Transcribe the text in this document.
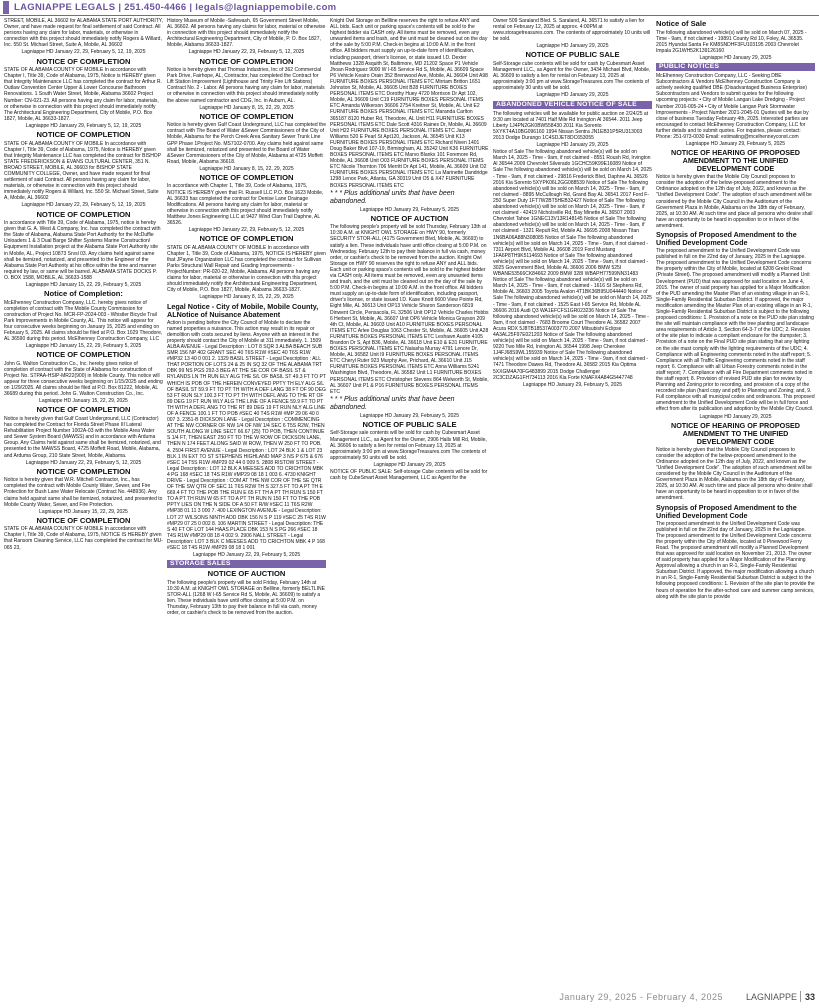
LAGNIAPPE LEGALS | 251.450-4466 | legals@lagniappemobile.com

STREET, MOBILE, AL 36602 for ALABAMA STATE PORT AUTHORITY, Owner, and have made request for final settlement of said Contract. All persons having any claim for labor, materials, or otherwise in connection with this project should immediately notify Rogers & Willard, Inc. 550 St. Michael Street, Suite A, Mobile, AL 36602

Lagniappe HD January 22, 29, February 5, 12, 19, 2025

NOTICE OF COMPLETION

STATE OF ALABAMA COUNTY OF MOBILE In accordance with Chapter I, Title 39, Code of Alabama, 1975, Notice is HEREBY given that Integrity Maintenance LLC has completed the contract for Arthur R. Outlaw Convention Center Upper & Lower Concourse Bathroom Renovations. 1 South Water Street, Mobile, Alabama 36602 Project Number: CN-021-23. All persons having any claim for labor, materials, or otherwise in connection with this project should immediately notify The Architectural Engineering Department, City of Mobile, P.O. Box 1827, Mobile, AL 36633-1827.

Lagniappe HD January 29, February 5, 12, 19, 2025

NOTICE OF COMPLETION

STATE OF ALABAMA COUNTY OF MOBILE In accordance with Chapter I, Title 39, Code of Alabama, 1975, Notice is HEREBY given that Integrity Maintenance LLC has completed the contract for BISHOP STATE FREDERICKSON & EVANS CULTURAL CENTER, 351 N. BROAD STREET, MOBILE, AL 36603 for BISHOP STATE COMMUNITY COLLEGE, Owner, and have made request for final settlement of said Contract. All persons having any claim for labor, materials, or otherwise in connection with this project should immediately notify Rogers & Willard, Inc. 550 St. Michael Street, Suite A, Mobile, AL 36602

Lagniappe HD January 22, 29, February 5, 12, 19, 2025

NOTICE OF COMPLETION

In accordance with Title 39, Code of Alabama, 1975, notice is hereby given that G. A. West & Company, Inc. has completed the contract with the State of Alabama, Alabama State Port Authority for the McDuffie Unloaders 1 & 3 Dual Barge Shifter Systems Marine Construction/ Equipment Installation project at the Alabama State Port Authority site in Mobile, AL, Project 10873 Srvsl 03. Any claims held against same shall be itemized, notarized, and presented to the Engineer of the Alabama State Port Authority at his office within the time and manner required by law, or same will be barred. ALABAMA STATE DOCKS P. O. BOX 1588, MOBILE, AL 36633-1588

Lagniappe HD January 15, 22, 29, February 5, 2025

Notice of Completion:

McElhenney Construction Company, LLC. hereby gives notice of completion of contract with The Mobile County Commission for construction of Project No. MCR-FP-2024-003 - Whistler Bicycle Trail Park Improvements in Mobile County, AL. This notice will appear for four consecutive weeks beginning on January 15, 2025 and ending on February 5, 2025. All claims should be filed at P.O. Box 1029 Theodore, AL 36590 during this period. McElhenney Construction Company, LLC

Lagniappe HD January 15, 22, 29, February 5, 2025

NOTICE OF COMPLETION

John G. Walton Construction Co., Inc. hereby gives notice of completion of contract with the State of Alabama for construction of Project No. STPAA-HSIP-MR22(900) in Mobile County. This notice will appear for three consecutive weeks beginning on 1/15/2025 and ending on 1/29/2025. All claims should be filed at P.O. Box 81222, Mobile, AL 36689 during this period. John G. Walton Construction Co., Inc.

Lagniappe HD January 15, 22, 29, 2025

NOTICE OF COMPLETION

Notice is hereby given that Gulf Coast Underground, LLC (Contractor) has completed the Contract for Florida Street Phase III Lateral Rehabilitation Project Number 1002A-03 with the Mobile Area Water and Sewer System Board (MAWSS) and in accordance with Arduma Group. Any Claims held against same shall be itemized, notarized, and presented to the MAWSS Board, 4725 Moffett Road, Mobile, Alabama, and Arduma Group, 210 State Street, Mobile, Alabama.

Lagniappe HD January 22, 29, February 5, 12, 2025

NOTICE OF COMPLETION

Notice is hereby given that W.R. Mitchell Contractor, Inc., has completed the contract with Mobile County Water, Sewer, and Fire Protection for Bush Lane Water Relocate (Contract No. 448936). Any claims held against same shall be itemized, notarized, and presented to Mobile County Water, Sewer, and Fire Protection.

Lagniappe HD January 15, 22, 29, 2025

NOTICE OF COMPLETION

STATE OF ALABAMA COUNTY OF MOBILE In accordance with Chapter I, Title 39, Code of Alabama, 1975, NOTICE IS HEREBY given that Ransom Cleaning Service, LLC has completed the contract for MU-065 23,

History Museum of Mobile -Safewash, 65 Government Street Mobile, AL 36602. All persons having any claims for labor, material or otherwise in connection with this project should immediately notify the Architectural Engineering Department, City of Mobile, P. O. Box 1827, Mobile, Alabama 36633-1827.

Lagniappe HD January 22, 29, February 5, 12, 2025

NOTICE OF COMPLETION

Notice is hereby given that Thomas Industries, Inc of 362 Commercial Park Drive, Fairhope, AL, Contractor, has completed the Contract for Lift Station Improvement (Lighthouse and Trinity Fire Lift Stations) Contract No. 2 - Labor. All persons having any claim for labor, materials or otherwise in connection with this project should immediately notify the above named contractor and CDG, Inc. in Auburn, AL.

Lagniappe HD January 8, 15, 22, 29, 2025

NOTICE OF COMPLETION

Notice is hereby given Gulf Coast Underground, LLC has completed the contract with The Board of Water &Sewer Commissioners of the City of Mobile, Alabama for the Perch Creek Area Sanitary Sewer Trunk Line GPP Phase 1Project No. MS7102-0700. Any claims held against same shall be itemized, notarized and presented to the Board of Water &Sewer Commissioners of the City of Mobile, Alabama at 4725 Moffett Road, Mobile, Alabama 36618.

Lagniappe HD January 8, 15, 22, 29, 2025

NOTICE OF COMPLETION

In accordance with Chapter 1, Title 39, Code of Alabama, 1975, NOTICE IS HEREBY given that Ft. Russell LLC P.O. Box 1623 Mobile, AL 36633 has completed the contract for Denise Lane Drainage Modifications. All persons having any claim for labor, material or otherwise in connection with this project should immediately notify Matthew Jones Engineering LLC at 9427 Wind Clan Trail Daphne, AL 36526.

Lagniappe HD January 22, 29, February 5, 12, 2025

NOTICE OF COMPLETION

STATE OF ALABAMA COUNTY OF MOBILE In accordance with Chapter 1, Title 39, Code of Alabama, 1975, NOTICE IS HEREBY given that JPayne Organization LLC has completed the contract for Sullivan Parks Structural Wall Repair and Grading Improvements -ProjectNumber: PR-020-22, Mobile, Alabama. All persons having any claims for labor, material or otherwise in connection with this project should immediately notify the Architectural Engineering Department, City of Mobile, P.O. Box 1827, Mobile, Alabama 36633-1827.

Lagniappe HD January 8, 15, 22, 29, 2025

Legal Notice - City of Mobile, Mobile County, ALNotice of Nuisance Abatement

Action is pending before the City Council of Mobile to declare the named properties a nuisance. This action may result in its repair or demolition with costs secured by liens. Anyone with an interest in the property should contact the City of Mobile at 311 immediately. 1. 1509 ALBA AVENUE - Legal Description : LOT 8 SQR 3 ALBA BEACH SUB SMR 156 NP 402 GRANT SEC 40 T6S R1W #SEC 40 T6S R1W #MP32 13 40 0 001 2. 1329 BASIL STREET - Legal Description : ALL THAT PORTION OF LOTS 24 & 25 IN SQ 32 OF THE ALABAMA TRT DBK 99 NS PGS 292-3 BEG AT THE SE COR OF BASIL ST & RYLANDS LN TH RUN ELY ALG THE S/L OF BASIL ST 49.3 FT TO PT WHICH IS POB OF THE HEREIN CONVEYED PPTY TH ELY ALG S/L OF BASIL ST 59.9 FT TO PT TH WITH A DEF LANG 38 FT OF 90 DEG 53 FT RUN SLY 100.3 FT TO PT TH WITH DEFL ANG TO THE RT OF 89 DEG 19 FT RUN WLY ALG THE LINE OF A FENCE 59.9 FT TO PT TH WITH A DEFL ANG TO THE RT 89 DEG 19 FT RUN NLY ALG LINE OF A FENCE 100.1 FT TO POB #SEC 40 T4S R1W #MP 29 06 40 0 007 3. 2351-B DICKSON LANE - Legal Description : COMMENCING AT THE NW CORNER OF NW 1/4 OF NW 1/4 SEC 6 T5S R2W, THEN SOUTH ALONG W LINE SECT 66.67 (25) TO POB, THEN CONTINUE S 1/4 FT, THEN EAST 250 FT TO THE W ROW OF DICKSON LANE, THEN N 174 FEET ALONG SAID W ROW, THEN W 250 FT TO POB. 4. 2504 FIRST AVENUE - Legal Description : LOT 24 BLK 1 & LOT 23 BLK 1 IN EXT TO ST STEPHENS HIGHLAND MAP 3 NS P 675 & 676 #SEC 14 T5S R1W #MP29 02 44 0 009 5. 2808 RISTOW STREET - Legal Description : LOT 12 BLK A MEESES ADD TO CRICHTON MBK 4 PG 168 #SEC 18 T4S R1W #MP29 08 18 1 003 6. 4730 KNIGHT DRIVE - Legal Description : COM AT THE NW COR OF THE SE QTR OF THE SW QTR OF SEC 11 T6S R2W TH S 327.5 FT TO A PT TH E 669.4 FT TO THE POB THE RUN E 65 FT TH A PT TH RUN S 150 FT TO A PT TH RUN W 65 FT TO A PT TH RUN N 150 FT TO THE POB PPTY LIES ON THE N SIDE OF A 50 FT R/W #SEC 11 T6S R2W #MP38 01 11 3 000 7. 400 LEXINGTON AVENUE - Legal Description: LOT 27 WILSONS NINTH ADD DBK 156 N S P 119 #SEC 25 T4S R1W #MP29 07 25 0 002 8. 106 MARTIN STREET - Legal Description: THE S 40 FT OF LOT 144 HAAS PLACE DBK 153 N S PG 266 #SEC 18 T4S R1W #MP29 08 18 4 002 9. 2906 NALL STREET - Legal Description: LOT 3 BLK C MEESES ADD TO CRICHTON MBK 4 P 168 #SEC 18 T4S R1W #MP29 08 18 1 001

Lagniappe HD January 22, 29, February 5, 2025

STORAGE SALES
NOTICE OF AUCTION

The following people's property will be sold Friday, February 14th at 10:30 A.M. at KNIGHT OWL STORAGE on Bellline, formerly BELTLINE STOR-ALL (1268 W I-65 Service Rd S, Mobile, AL 36609) to satisfy a lien. These individuals have until office closing at 5:00 P.M. on Thursday, February 13th to pay their balance in full via cash, money order, or cashier's check to be removed from the auction.

Knight Owl Storage on Bellline reserves the right to refuse ANY and ALL bids. Each unit or parking space's contents will be sold to the highest bidder via CASH only. All items must be removed, even any unwanted items and trash, and the unit must be cleaned out on the day of the sale by 5:00 P.M. Check-in begins at 10:00 A.M. in the front office. All bidders must supply an up-to-date form of identification, including passport, driver's license, or state issued I.D. Dexter Matthews 1328 Asquith St, Baltimore, MD 21202 Space P1 Vehicle Jhoan Rodriguez 9000 W I-65 Service Rd S, Mobile, AL 36609 Space P6 Vehicle Keairo Orain 352 Brenwood Ave, Mobile, AL 36604 Unit A98 FURNITURE BOXES PERSONAL ITEMS ETC Mirriam Britton 1651 Johnston St, Mobile, AL 36605 Unit B28 FURNITURE BOXES PERSONAL ITEMS ETC Dorothy Huey 4720 Morrison Dr Apt 102, Mobile, AL 36609 Unit C19 FURNITURE BOXES PERSONAL ITEMS ETC Amanda Wilkerson 36606 2754 Kreitner St, Mobile, AL Unit E2 FURNITURE BOXES PERSONAL ITEMS ETC Maranda Carlton 365187 8120 Huber Rd, Theodore, AL Unit H11 FURNITURE BOXES PERSONAL ITEMS ETC Dale Scott 4316 Raines Dr, Mobile, AL 36609 Unit H22 FURNITURE BOXES PERSONAL ITEMS ETC Jasper Williams 520 E Pearl St Apt120, Jackson, AL 36545 Unit K13 FURNITURE BOXES PERSONAL ITEMS ETC Richard Niven 1401 Doug Baker Blvd 107-19, Birmingham, AL 35242 Unit K36 FURNITURE BOXES PERSONAL ITEMS ETC Marvo Blanks 101 Foremore Rd, Mobile, AL 36608 Unit O03 FURNITURE BOXES PERSONAL ITEMS ETC Nicole Thornton 706 Merritt Dr Apt 141, Mobile, AL 36609 Unit O2 FURNITURE BOXES PERSONAL ITEMS ETC La Marinette Dandridge 1298 Lenox Park, Atlanta, GA 30319 Unit O5 & X47 FURNITURE BOXES PERSONAL ITEMS ETC

* * * Plus additional units that have been abandoned.

Lagniappe HD January 29, February 5, 2025

NOTICE OF AUCTION

The following people's property will be sold Thursday, February 13th at 10:30 A.M. at KNIGHT OWL STORAGE on HWY 90, formerly SECURITY STOR-ALL (4175 Government Blvd, Mobile, AL 36693) to satisfy a lien. These individuals have until office closing at 5:00 P.M. on Wednesday, February 12th to pay their balance in full via cash, money order, or cashier's check to be removed from the auction. Knight Owl Storage on HWY 90 reserves the right to refuse ANY and ALL bids. Each unit or parking space's contents will be sold to the highest bidder via CASH only. All items must be removed, even any unwanted items and trash, and the unit must be cleaned out on the day of the sale by 5:00 P.M. Check-in begins at 10:00 A.M. in the front office. All bidders must supply an up-to-date form of identification, including passport, driver's license, or state issued I.D. Kase Knott 6600 View Pointe Rd, Eight Mile, AL 36613 Unit OP13 Vehicle Sharon Sanderson 6819 Dinwent Circle, Pensacola, FL 32506 Unit OP12 Vehicle Charles Hobbs 6 Herbert St, Mobile, AL 36607 Unit OP6 Vehicle Monica Grayson 209 4th Ct, Mobile, AL 36603 Unit A10 FURNITURE BOXES PERSONAL ITEMS ETC Arlee Douglas 1063 Chester St, Mobile, AL 36605 Unit A28 FURNITURE BOXES PERSONAL ITEMS ETC Leshawn Austin 4105 Brandon Dr S, Apt B36, Mobile, AL 36618 Unit E10 & E31 FURNITURE BOXES PERSONAL ITEMS ETC Natasha Murray 4791 Lenore Dr, Mobile, AL 36582 Unit I9 FURNITURE BOXES PERSONAL ITEMS ETC Cheryl Ruter 923 Murphy Ave, Prichard, AL 36610 Unit J15 FURNITURE BOXES PERSONAL ITEMS ETC Anna Williams 5241 Washington Blvd, Theodore, AL 36582 Unit L1 FURNITURE BOXES PERSONAL ITEMS ETC Christopher Stevens 864 Welworth St, Mobile, AL 36607 Unit P1 & P16 FURNITURE BOXES PERSONAL ITEMS ETC

* * * Plus additional units that have been abandoned.

Lagniappe HD January 29, February 5, 2025

NOTICE OF PUBLIC SALE

Self-Storage sale contents will be sold for cash by Cubesmart Asset Management LLC., as Agent for the Owner, 2906 Halls Mill Rd, Mobile, AL 36606 to satisfy a lien for rental on February 13, 2025 at approximately 3:00 pm at www.StorageTreasures.com The contents of approximately 50 units will be sold.

Lagniappe HD January 29, 2025

NOTICE OF PUBLIC SALE: Self-storage Cube contents will be sold for cash by CubeSmart Asset Management, LLC as Agent for the

Owner 509 Saraland Blvd. S. Saraland, AL 36571 to satisfy a lien for rental on February 12, 2025 at approx. 4:00PM at www.storagetreasures.com. The contents of approximately 10 units will be sold.

Lagniappe HD January 29, 2025

NOTICE OF PUBLIC SALE

Self-Storage cube contents will be sold for cash by Cubesmart Asset Management LLC., as Agent for the Owner, 3434 Michael Blvd, Mobile, AL 36609 to satisfy a lien for rental on February 13, 2025 at approximately 3:00 pm at www.StorageTreasures.com The contents of approximately 30 units will be sold.

Lagniappe HD January 29, 2025

ABANDONED VEHICLE NOTICE OF SALE

The following vehicles will be available for public auction on 2/24/25 at 9:30 am located at 7401 Half Mile Rd Irvington Al 36544. 2011 Jeep Liberty 1J4PN2GK0BW558430 2011 Kia Sorento 5XYKT4A10BG096160 1994 Nissan Sentra JN1EB31P5RU313003 2013 Dodge Durango 1C4SDJET8DC653055

Lagniappe HD January 29, 2025

Notice of Sale The following abandoned vehicle(s) will be sold on March 14, 2025 - Time - 9am, if not claimed - 8551 Roush Rd, Irvington Al 36544 2009 Chevrolet Silverado 1GCHC59K99E16089 Notice of Sale The following abandoned vehicle(s) will be sold on March 14, 2025 - Time - 9am, if not claimed - 29816 Frederick Blvd, Daphne AL 36526 2016 Kia Sorento 5XYPK06L2GG088539 Notice of Sale The following abandoned vehicle(s) will be sold on March 14, 2025 - Time - 9am, if not claimed - 8895 McCullough Rd, Grand Bay AL 36541 2017 Ford F-250 Super Duty 1FT7W2BT5HEB32427 Notice of Sale The following abandoned vehicle(s) will be sold on March 14, 2025 - Time - 9am, if not claimed - 42419 Nicholsville Rd, Bay Minette AL 36507 2003 Chevrolet Tahoe 1GNEC13V13R148145 Notice of Sale The following abandoned vehicle(s) will be sold on March 14, 2025 - Time - 9am, if not claimed - 1321 Repult Rd, Mobile AL 36695 2008 Nissan Titan 1N6BA06A88N308085 Notice of Sale The following abandoned vehicle(s) will be sold on March 14, 2025 - Time - 9am, if not claimed - 7311 Airport Blvd, Mobile AL 36608 2019 Ford Mustang 1FA6P8TH9K5114693 Notice of Sale The following abandoned vehicle(s) will be sold on March 14, 2025 - Time - 9am, if not claimed - 3025 Government Blvd, Mobile AL 36606 2006 BMW 525I WBANE53566CK84662 2009 BMW 328I WBAPH77599NN31483 Notice of Sale The following abandoned vehicle(s) will be sold on March 14, 2025 - Time - 9am, if not claimed - 1616 St Stephens Rd, Mobile AL 36603 2005 Toyota Avalon 4T1BK36B95U044440 Notice of Sale The following abandoned vehicle(s) will be sold on March 14, 2025 - Time - 9am, if not claimed - 1525 East I-65 Service Rd, Mobile AL 36606 2016 Audi Q3 WA1EFCFS1GR023236 Notice of Sale The following abandoned vehicle(s) will be sold on March 14, 2025 - Time - 9am, if not claimed - 7683 Broome Court Theodore AL 36582 2007 Acura RDX 5J8TB18537A003770 2007 Mitsubishi Eclipse 4A3AL25F97E021203 Notice of Sale The following abandoned vehicle(s) will be sold on March 14, 2025 - Time - 9am, if not claimed - 9220 Two Mile Rd, Irvington AL 36544 1998 Jeep Cherokee 1J4FJ68S9WL155939 Notice of Sale The following abandoned vehicle(s) will be sold on March 14, 2025 - Time - 9am, if not claimed - 7471 Theodore Dawes Rd, Theodore AL 36582 2015 Kia Optima 5XXGM4A70FG483899 2015 Dodge Challenger 2C3CDZAG1FH734113 2016 Kia Forte KNAFX4A84G5447748

Lagniappe HD January 29, February 5, 2025

Notice of Sale

The following abandoned vehicle(s) will be sold on March 07, 2025 - Time - 9am, if not claimed - 19891 County Rd 10, Foley, AL 36535. 2015 Hyundai Santa Fe KM8SNDHF3FU103195 2003 Chevrolet Impala 2G1WH52K139126160

Lagniappe HD January 29, 2025

PUBLIC NOTICES

McElhenney Construction Company, LLC - Seeking DBE Subcontractors & Vendors McElhenney Construction Company is actively seeking qualified DBE (Disadvantaged Business Enterprise) Subcontractors and Vendors to submit quotes for the following upcoming projects: • City of Mobile Langan Lake Dredging - Project Number 2016-005-24 • City of Mobile Langan Park Stormwater Improvements - Project Number 2021-2045-01 Quotes will be due by close of business Tuesday February 4th, 2025. Interested parties are encouraged to contact McElhenney Construction Company, LLC for further details and to submit quotes. For inquiries, please contact: Phone: 251-973-0030 Email: estimating@mcelhenneyconst.com

Lagniappe HD January 29, February 5, 2025

NOTICE OF HEARING OF PROPOSED AMENDMENT TO THE UNIFIED DEVELOPMENT CODE

Notice is hereby given that the Mobile City Council proposes to consider the adoption of the below-proposed amendment to the Ordinance adopted on the 12th day of July, 2022, and known as the "Unified Development Code". The adoption of such amendment will be considered by the Mobile City Council in the Auditorium of the Government Plaza in Mobile, Alabama on the 18th day of February, 2025, at 10:30 AM. At such time and place all persons who desire shall have an opportunity to be heard in opposition to or in favor of the amendment.

Synopsis of Proposed Amendment to the Unified Development Code

The proposed amendment to the Unified Development Code was published in full on the 22nd day of January, 2025 in the Lagniappe. The proposed amendment to the Unified Development Code concerns the property within the City of Mobile, located at 6208 Grelot Road (Private Street). The proposed amendment will modify a Planned Unit Development (PUD) that was approved for said location on June 4, 2015. The owner of said property has applied for a Major Modification of the PUD amending the Master Plan of an existing village in an R-1, Single-Family Residential Suburban District. If approved, the major modification amending the Master Plan of an existing village in an R-1, Single-Family Residential Suburban District is subject to the following proposed conditions: 1. Provision of a note on the PUD site plan stating the site will maintain compliance with the tree planting and landscape area requirements of Article 3, Section 64-3-7 of the UDC; 2. Revision of the site plan to indicate a compliant enclosure for the dumpster; 3. Provision of a note on the Final PUD site plan stating that any lighting on the site must comply with the lighting requirements of the UDC; 4. Compliance with all Engineering comments noted in the staff report; 5. Compliance with all Traffic Engineering comments noted in the staff report; 6. Compliance with all Urban Forestry comments noted in the staff report; 7. Compliance with all Fire Department comments noted in the staff report; 8. Provision of revised PUD site plan for review by Planning and Zoning prior to recording, and provision of a copy of the recorded site plan (hard copy and pdf) to Planning and Zoning; and, 9. Full compliance with all municipal codes and ordinances. This proposed amendment to the Unified Development Code will be in full force and effect from after its publication and adoption by the Mobile City Council.

Lagniappe HD January 29, 2025

NOTICE OF HEARING OF PROPOSED AMENDMENT TO THE UNIFIED DEVELOPMENT CODE

Notice is hereby given that the Mobile City Council proposes to consider the adoption of the below-proposed amendment to the Ordinance adopted on the 12th day of July, 2022, and known as the "Unified Development Code". The adoption of such amendment will be considered by the Mobile City Council in the Auditorium of the Government Plaza in Mobile, Alabama on the 18th day of February, 2025, at 10:30 AM. At such time and place all persons who desire shall have an opportunity to be heard in opposition to or in favor of the amendment.

Synopsis of Proposed Amendment to the Unified Development Code

The proposed amendment to the Unified Development Code was published in full on the 22nd day of January, 2025 in the Lagniappe. The proposed amendment to the Unified Development Code concerns the property within the City of Mobile, located at 0 Pinewood Ferry Road. The proposed amendment will modify a Planned Development that was approved for said location on November 21, 2013. The owner of said property has applied for a Major Modification of the Planning Approval allowing a church in an R-1, Single-Family Residential Suburban District. If approved, the major modification allowing a church in an R-1, Single-Family Residential Suburban District is subject to the following proposed conditions: 1. Revision of the site plan to provide the hours of operation for the after-school care and summer camp services, along with the site plan to provide

January 29, 2025 - February 4, 2025	LAGNIAPPE 33
